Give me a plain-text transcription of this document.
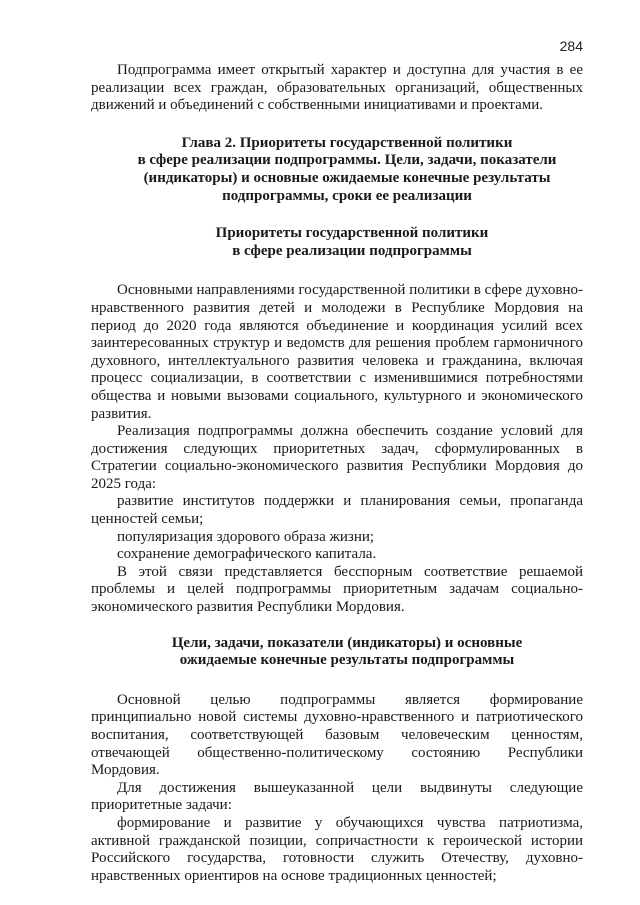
284

Подпрограмма имеет открытый характер и доступна для участия в ее реализации всех граждан, образовательных организаций, общественных движений и объединений с собственными инициативами и проектами.

Глава 2. Приоритеты государственной политики
в сфере реализации подпрограммы. Цели, задачи, показатели
(индикаторы) и основные ожидаемые конечные результаты
подпрограммы, сроки ее реализации
Приоритеты государственной политики
в сфере реализации подпрограммы

Основными направлениями государственной политики в сфере духовно-нравственного развития детей и молодежи в Республике Мордовия на период до 2020 года являются объединение и координация усилий всех заинтересованных структур и ведомств для решения проблем гармоничного духовного, интеллектуального развития человека и гражданина, включая процесс социализации, в соответствии с изменившимися потребностями общества и новыми вызовами социального, культурного и экономического развития.

Реализация подпрограммы должна обеспечить создание условий для достижения следующих приоритетных задач, сформулированных в Стратегии социально-экономического развития Республики Мордовия до 2025 года:

развитие институтов поддержки и планирования семьи, пропаганда ценностей семьи;

популяризация здорового образа жизни;

сохранение демографического капитала.

В этой связи представляется бесспорным соответствие решаемой проблемы и целей подпрограммы приоритетным задачам социально-экономического развития Республики Мордовия.

Цели, задачи, показатели (индикаторы) и основные
ожидаемые конечные результаты подпрограммы

Основной целью подпрограммы является формирование принципиально новой системы духовно-нравственного и патриотического воспитания, соответствующей базовым человеческим ценностям, отвечающей общественно-политическому состоянию Республики Мордовия.

Для достижения вышеуказанной цели выдвинуты следующие приоритетные задачи:

формирование и развитие у обучающихся чувства патриотизма, активной гражданской позиции, сопричастности к героической истории Российского государства, готовности служить Отечеству, духовно-нравственных ориентиров на основе традиционных ценностей;
